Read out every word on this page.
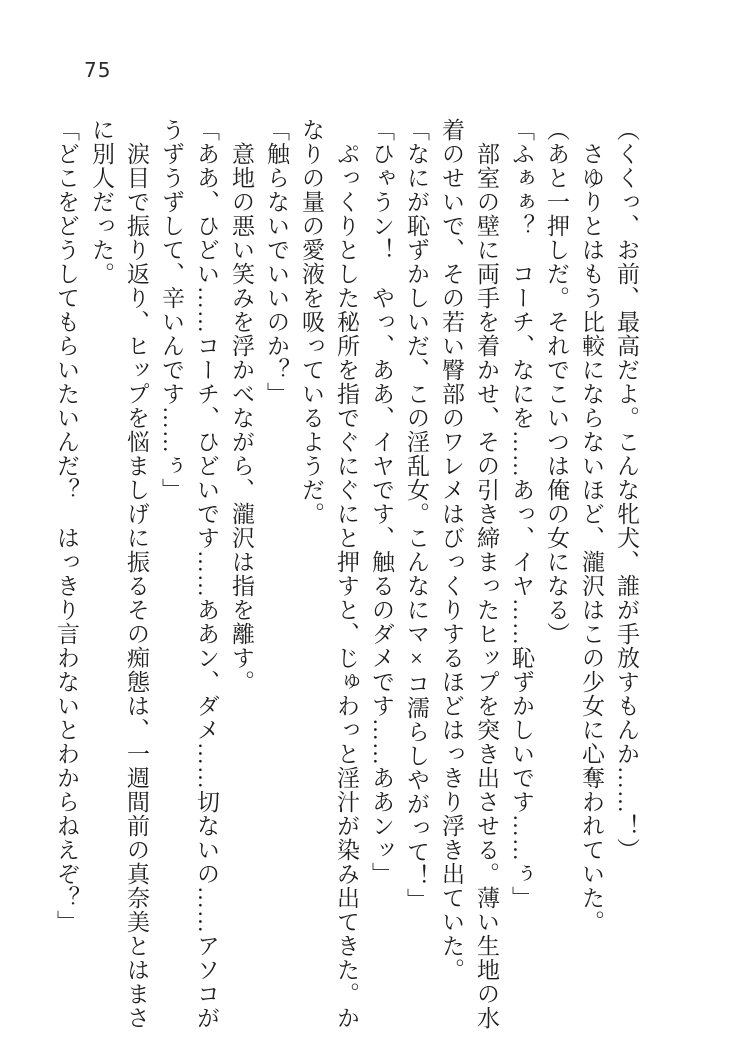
75
（くくっ、お前、最高だよ。こんな牝犬、誰が手放すもんか……！）
さゆりとはもう比較にならないほど、瀧沢はこの少女に心奪われていた。
（あと一押しだ。それでこいつは俺の女になる）
「ふぁぁ？　コーチ、なにを……あっ、イヤ……恥ずかしいです……ぅ」
部室の壁に両手を着かせ、その引き締まったヒップを突き出させる。薄い生地の水
着のせいで、その若い臀部のワレメはびっくりするほどはっきり浮き出ていた。
「なにが恥ずかしいだ、この淫乱女。こんなにマ×コ濡らしやがって！」
「ひゃうン！　やっ、ああ、イヤです、触るのダメです……ああンッ」
ぷっくりとした秘所を指でぐにぐにと押すと、じゅわっと淫汁が染み出てきた。か
なりの量の愛液を吸っているようだ。
「触らないでいいのか？」
意地の悪い笑みを浮かべながら、瀧沢は指を離す。
「ああ、ひどい……コーチ、ひどいです……ああン、ダメ……切ないの……アソコが
うずうずして、辛いんです……ぅ」
涙目で振り返り、ヒップを悩ましげに振るその痴態は、一週間前の真奈美とはまさ
に別人だった。
「どこをどうしてもらいたいんだ？　はっきり言わないとわからねえぞ？」
